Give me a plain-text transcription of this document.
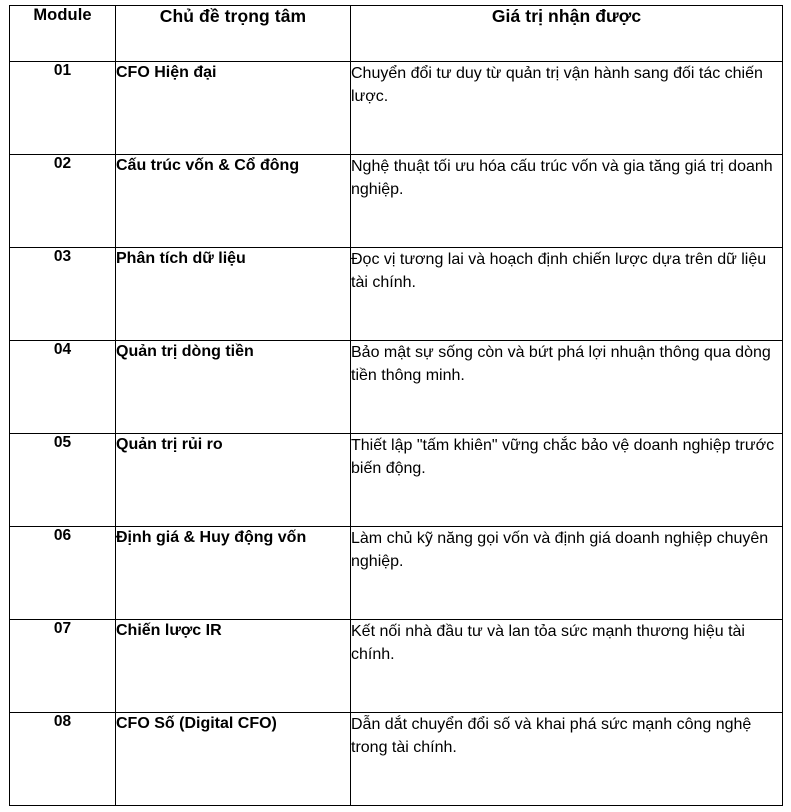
Module	Chủ đề trọng tâm	Giá trị nhận được
01	CFO Hiện đại	Chuyển đổi tư duy từ quản trị vận hành sang đối tác chiến lược.
02	Cấu trúc vốn & Cổ đông	Nghệ thuật tối ưu hóa cấu trúc vốn và gia tăng giá trị doanh nghiệp.
03	Phân tích dữ liệu	Đọc vị tương lai và hoạch định chiến lược dựa trên dữ liệu tài chính.
04	Quản trị dòng tiền	Bảo mật sự sống còn và bứt phá lợi nhuận thông qua dòng tiền thông minh.
05	Quản trị rủi ro	Thiết lập "tấm khiên" vững chắc bảo vệ doanh nghiệp trước biến động.
06	Định giá & Huy động vốn	Làm chủ kỹ năng gọi vốn và định giá doanh nghiệp chuyên nghiệp.
07	Chiến lược IR	Kết nối nhà đầu tư và lan tỏa sức mạnh thương hiệu tài chính.
08	CFO Số (Digital CFO)	Dẫn dắt chuyển đổi số và khai phá sức mạnh công nghệ trong tài chính.
